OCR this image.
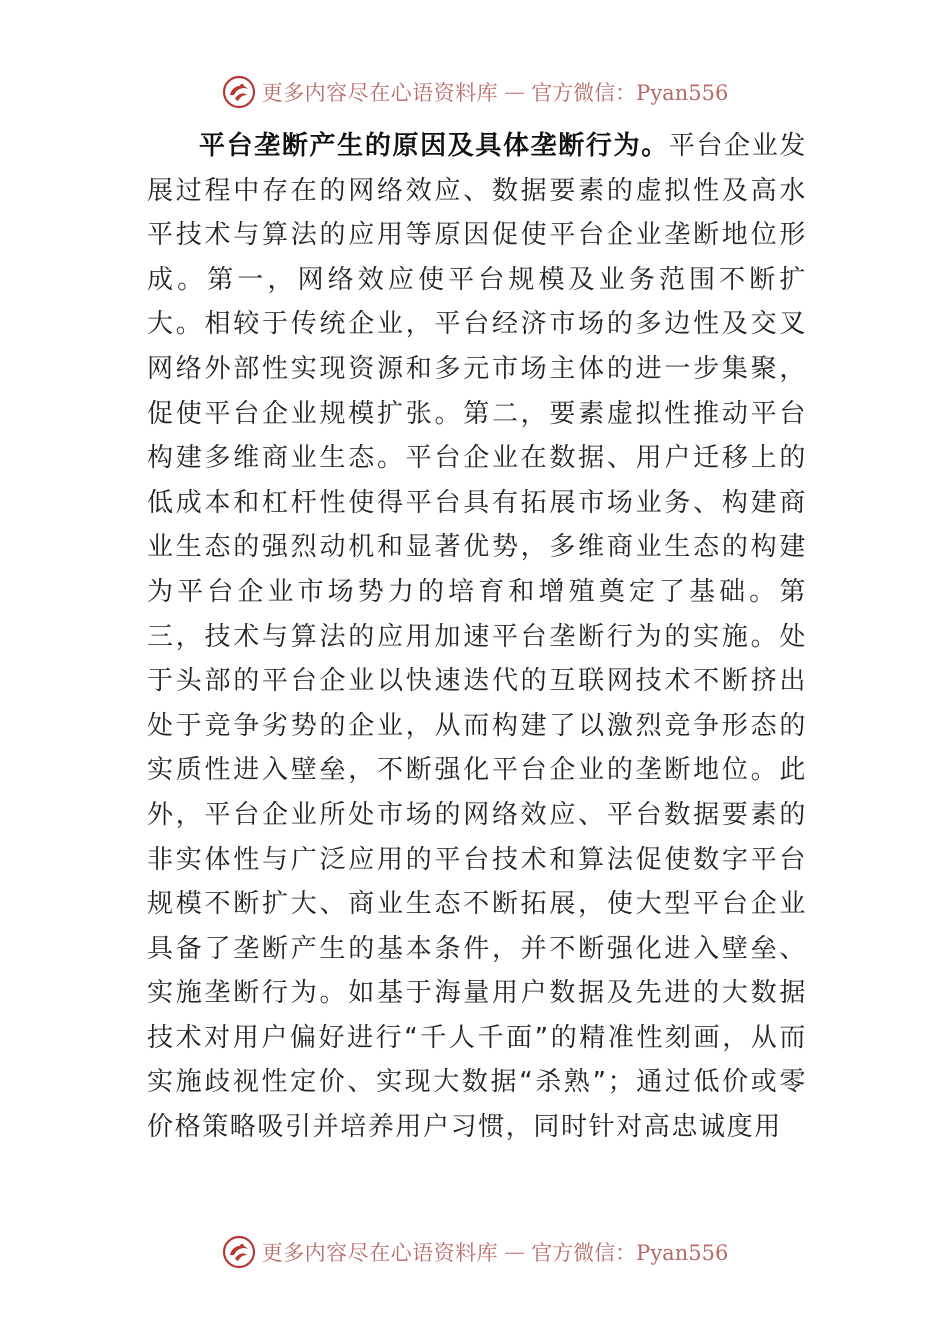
更多内容尽在心语资料库 — 官方微信：Pyan556

平台垄断产生的原因及具体垄断行为。平台企业发展过程中存在的网络效应、数据要素的虚拟性及高水平技术与算法的应用等原因促使平台企业垄断地位形成。第一，网络效应使平台规模及业务范围不断扩大。相较于传统企业，平台经济市场的多边性及交叉网络外部性实现资源和多元市场主体的进一步集聚，促使平台企业规模扩张。第二，要素虚拟性推动平台构建多维商业生态。平台企业在数据、用户迁移上的低成本和杠杆性使得平台具有拓展市场业务、构建商业生态的强烈动机和显著优势，多维商业生态的构建为平台企业市场势力的培育和增殖奠定了基础。第三，技术与算法的应用加速平台垄断行为的实施。处于头部的平台企业以快速迭代的互联网技术不断挤出处于竞争劣势的企业，从而构建了以激烈竞争形态的实质性进入壁垒，不断强化平台企业的垄断地位。此外，平台企业所处市场的网络效应、平台数据要素的非实体性与广泛应用的平台技术和算法促使数字平台规模不断扩大、商业生态不断拓展，使大型平台企业具备了垄断产生的基本条件，并不断强化进入壁垒、实施垄断行为。如基于海量用户数据及先进的大数据技术对用户偏好进行“千人千面”的精准性刻画，从而实施歧视性定价、实现大数据“杀熟”；通过低价或零价格策略吸引并培养用户习惯，同时针对高忠诚度用

更多内容尽在心语资料库 — 官方微信：Pyan556
